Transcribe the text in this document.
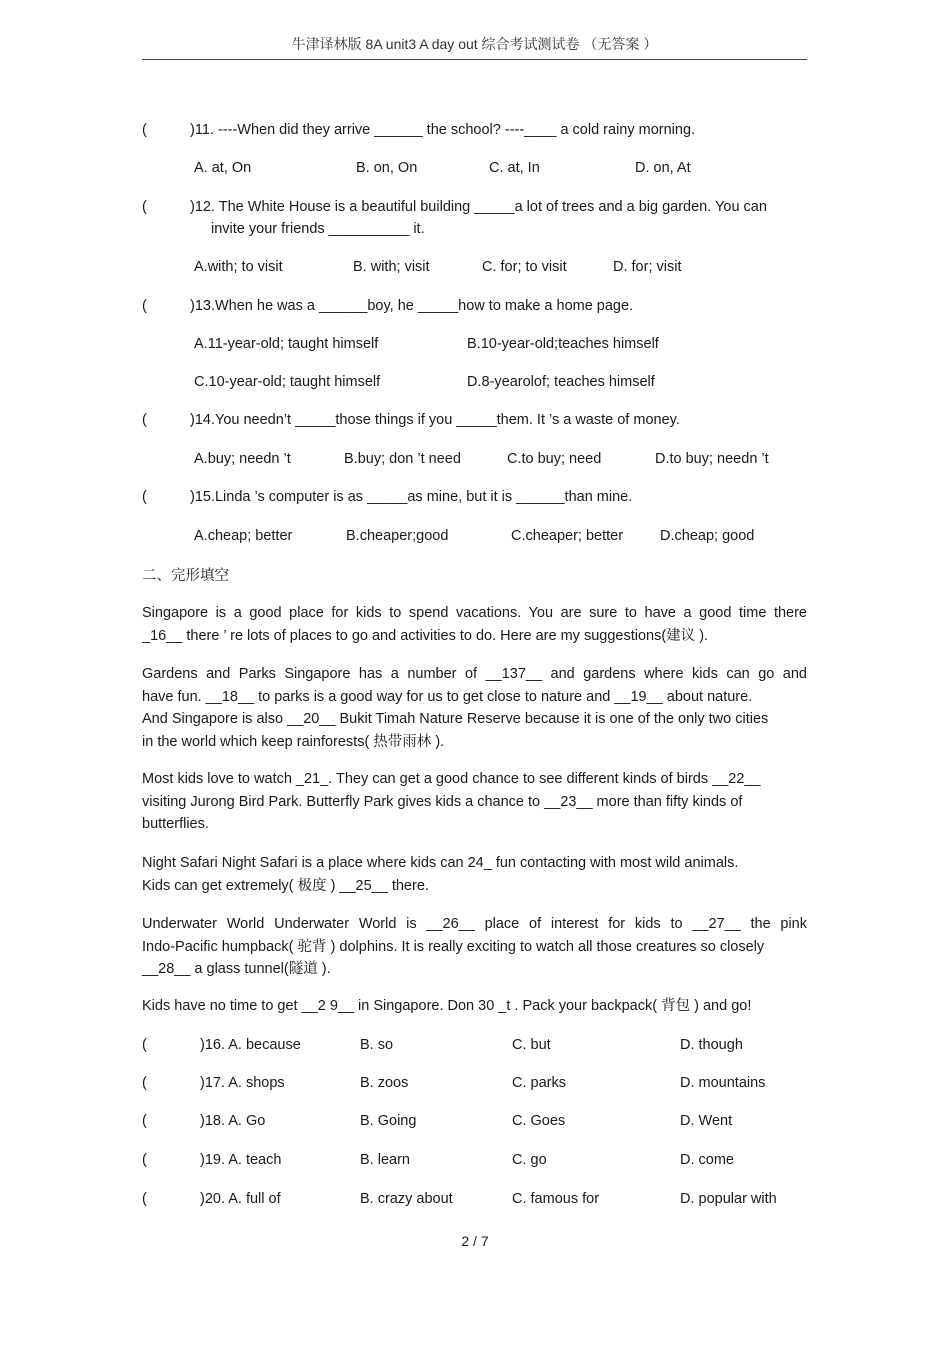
牛津译林版 8A unit3 A day out 综合考试测试卷 （无答案 ）
(	)11. ----When did they arrive ______ the school? ----____ a cold rainy morning.
A. at, On	B. on, On	C. at, In	D. on, At
(	)12. The White House is a beautiful building _____a lot of trees and a big garden. You can
invite your friends __________ it.
A.with; to visit	B. with; visit	C. for; to visit	D. for; visit
(	)13.When he was a ______boy, he _____how to make a home page.
A.11-year-old; taught himself	B.10-year-old;teaches himself
C.10-year-old; taught himself	D.8-yearolof; teaches himself
(	)14.You needn’t _____those things if you _____them. It ’s a waste of money.
A.buy; needn ’t	B.buy; don ’t need	C.to buy; need	D.to buy; needn ’t
(	)15.Linda ’s computer is as _____as mine, but it is ______than mine.
A.cheap; better	B.cheaper;good	C.cheaper; better	D.cheap; good
二、完形填空
Singapore is a good place for kids to spend vacations. You are sure to have a good time there
_16__ there ’ re lots of places to go and activities to do. Here are my suggestions(建议 ).
Gardens and Parks Singapore has a number of __137__ and gardens where kids can go and
have fun. __18__ to parks is a good way for us to get close to nature and __19__ about nature.
And Singapore is also __20__ Bukit Timah Nature Reserve because it is one of the only two cities
in the world which keep rainforests( 热带雨林 ).
Most kids love to watch _21_. They can get a good chance to see different kinds of birds __22__
visiting Jurong Bird Park. Butterfly Park gives kids a chance to __23__ more than fifty kinds of
butterflies.
Night Safari Night Safari is a place where kids can 24_ fun contacting with most wild animals.
Kids can get extremely( 极度 ) __25__ there.
Underwater World Underwater World is __26__ place of interest for kids to __27__ the pink
Indo-Pacific humpback( 驼背 ) dolphins. It is really exciting to watch all those creatures so closely
__28__ a glass tunnel(隧道 ).
Kids have no time to get __2 9__ in Singapore. Don 30 _t . Pack your backpack( 背包 ) and go!
(	)16. A. because	B. so	C. but	D. though
(	)17. A. shops	B. zoos	C. parks	D. mountains
(	)18. A. Go	B. Going	C. Goes	D. Went
(	)19. A. teach	B. learn	C. go	D. come
(	)20. A. full of	B. crazy about	C. famous for	D. popular with
2 / 7
